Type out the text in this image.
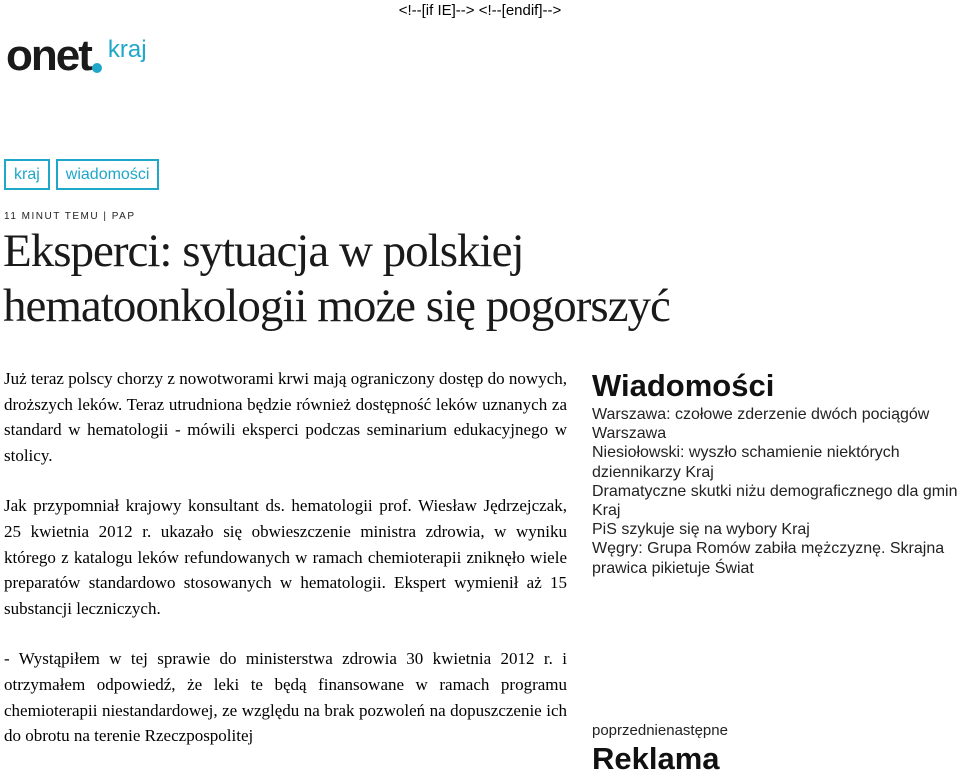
<!--[if IE]--> <!--[endif]-->
onet kraj
kraj	wiadomości
11 MINUT TEMU | PAP
Eksperci: sytuacja w polskiej hematoonkologii może się pogorszyć

Już teraz polscy chorzy z nowotworami krwi mają ograniczony dostęp do nowych, droższych leków. Teraz utrudniona będzie również dostępność leków uznanych za standard w hematologii - mówili eksperci podczas seminarium edukacyjnego w stolicy.

Jak przypomniał krajowy konsultant ds. hematologii prof. Wiesław Jędrzejczak, 25 kwietnia 2012 r. ukazało się obwieszczenie ministra zdrowia, w wyniku którego z katalogu leków refundowanych w ramach chemioterapii zniknęło wiele preparatów standardowo stosowanych w hematologii. Ekspert wymienił aż 15 substancji leczniczych.

- Wystąpiłem w tej sprawie do ministerstwa zdrowia 30 kwietnia 2012 r. i otrzymałem odpowiedź, że leki te będą finansowane w ramach programu chemioterapii niestandardowej, ze względu na brak pozwoleń na dopuszczenie ich do obrotu na terenie Rzeczpospolitej

Wiadomości
Warszawa: czołowe zderzenie dwóch pociągów Warszawa
Niesiołowski: wyszło schamienie niektórych dziennikarzy Kraj
Dramatyczne skutki niżu demograficznego dla gmin Kraj
PiS szykuje się na wybory Kraj
Węgry: Grupa Romów zabiła mężczyznę. Skrajna prawica pikietuje Świat
poprzednienastępne
Reklama
